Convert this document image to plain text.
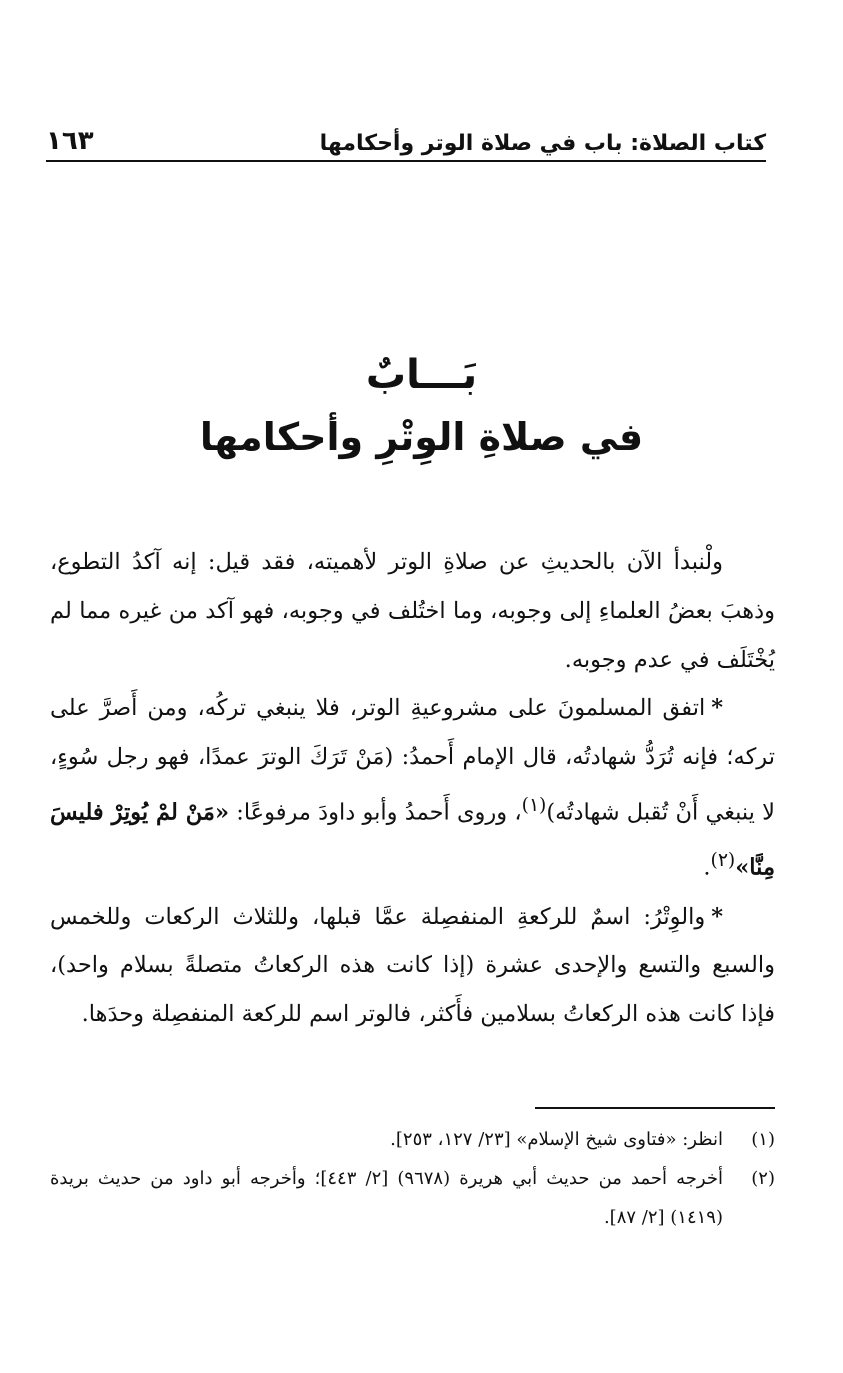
كتاب الصلاة: باب في صلاة الوتر وأحكامها
١٦٣
بَـــابٌ
في صلاةِ الوِتْرِ وأحكامها

ولْنبدأ الآن بالحديثِ عن صلاةِ الوتر لأهميته، فقد قيل: إنه آكدُ التطوع، وذهبَ بعضُ العلماءِ إلى وجوبه، وما اختُلف في وجوبه، فهو آكد من غيره مما لم يُخْتَلَف في عدم وجوبه.

*اتفق المسلمونَ على مشروعيةِ الوتر، فلا ينبغي تركُه، ومن أَصرَّ على تركه؛ فإنه تُرَدُّ شهادتُه، قال الإمام أَحمدُ: (مَنْ تَرَكَ الوترَ عمدًا، فهو رجل سُوءٍ، لا ينبغي أَنْ تُقبل شهادتُه)$^{(١)}$، وروى أَحمدُ وأبو داودَ مرفوعًا: «مَنْ لمْ يُوتِرْ فليسَ مِنَّا»$^{(٢)}$.

*والوِتْرُ: اسمٌ للركعةِ المنفصِلة عمَّا قبلها، وللثلاث الركعات وللخمس والسبع والتسع والإحدى عشرة (إذا كانت هذه الركعاتُ متصلةً بسلام واحد)، فإذا كانت هذه الركعاتُ بسلامين فأَكثر، فالوتر اسم للركعة المنفصِلة وحدَها.

(١)
انظر: «فتاوى شيخ الإسلام» [٢٣/ ١٢٧، ٢٥٣].

(٢)
أخرجه أحمد من حديث أبي هريرة (٩٦٧٨) [٢/ ٤٤٣]؛ وأخرجه أبو داود من حديث بريدة (١٤١٩) [٢/ ٨٧].
